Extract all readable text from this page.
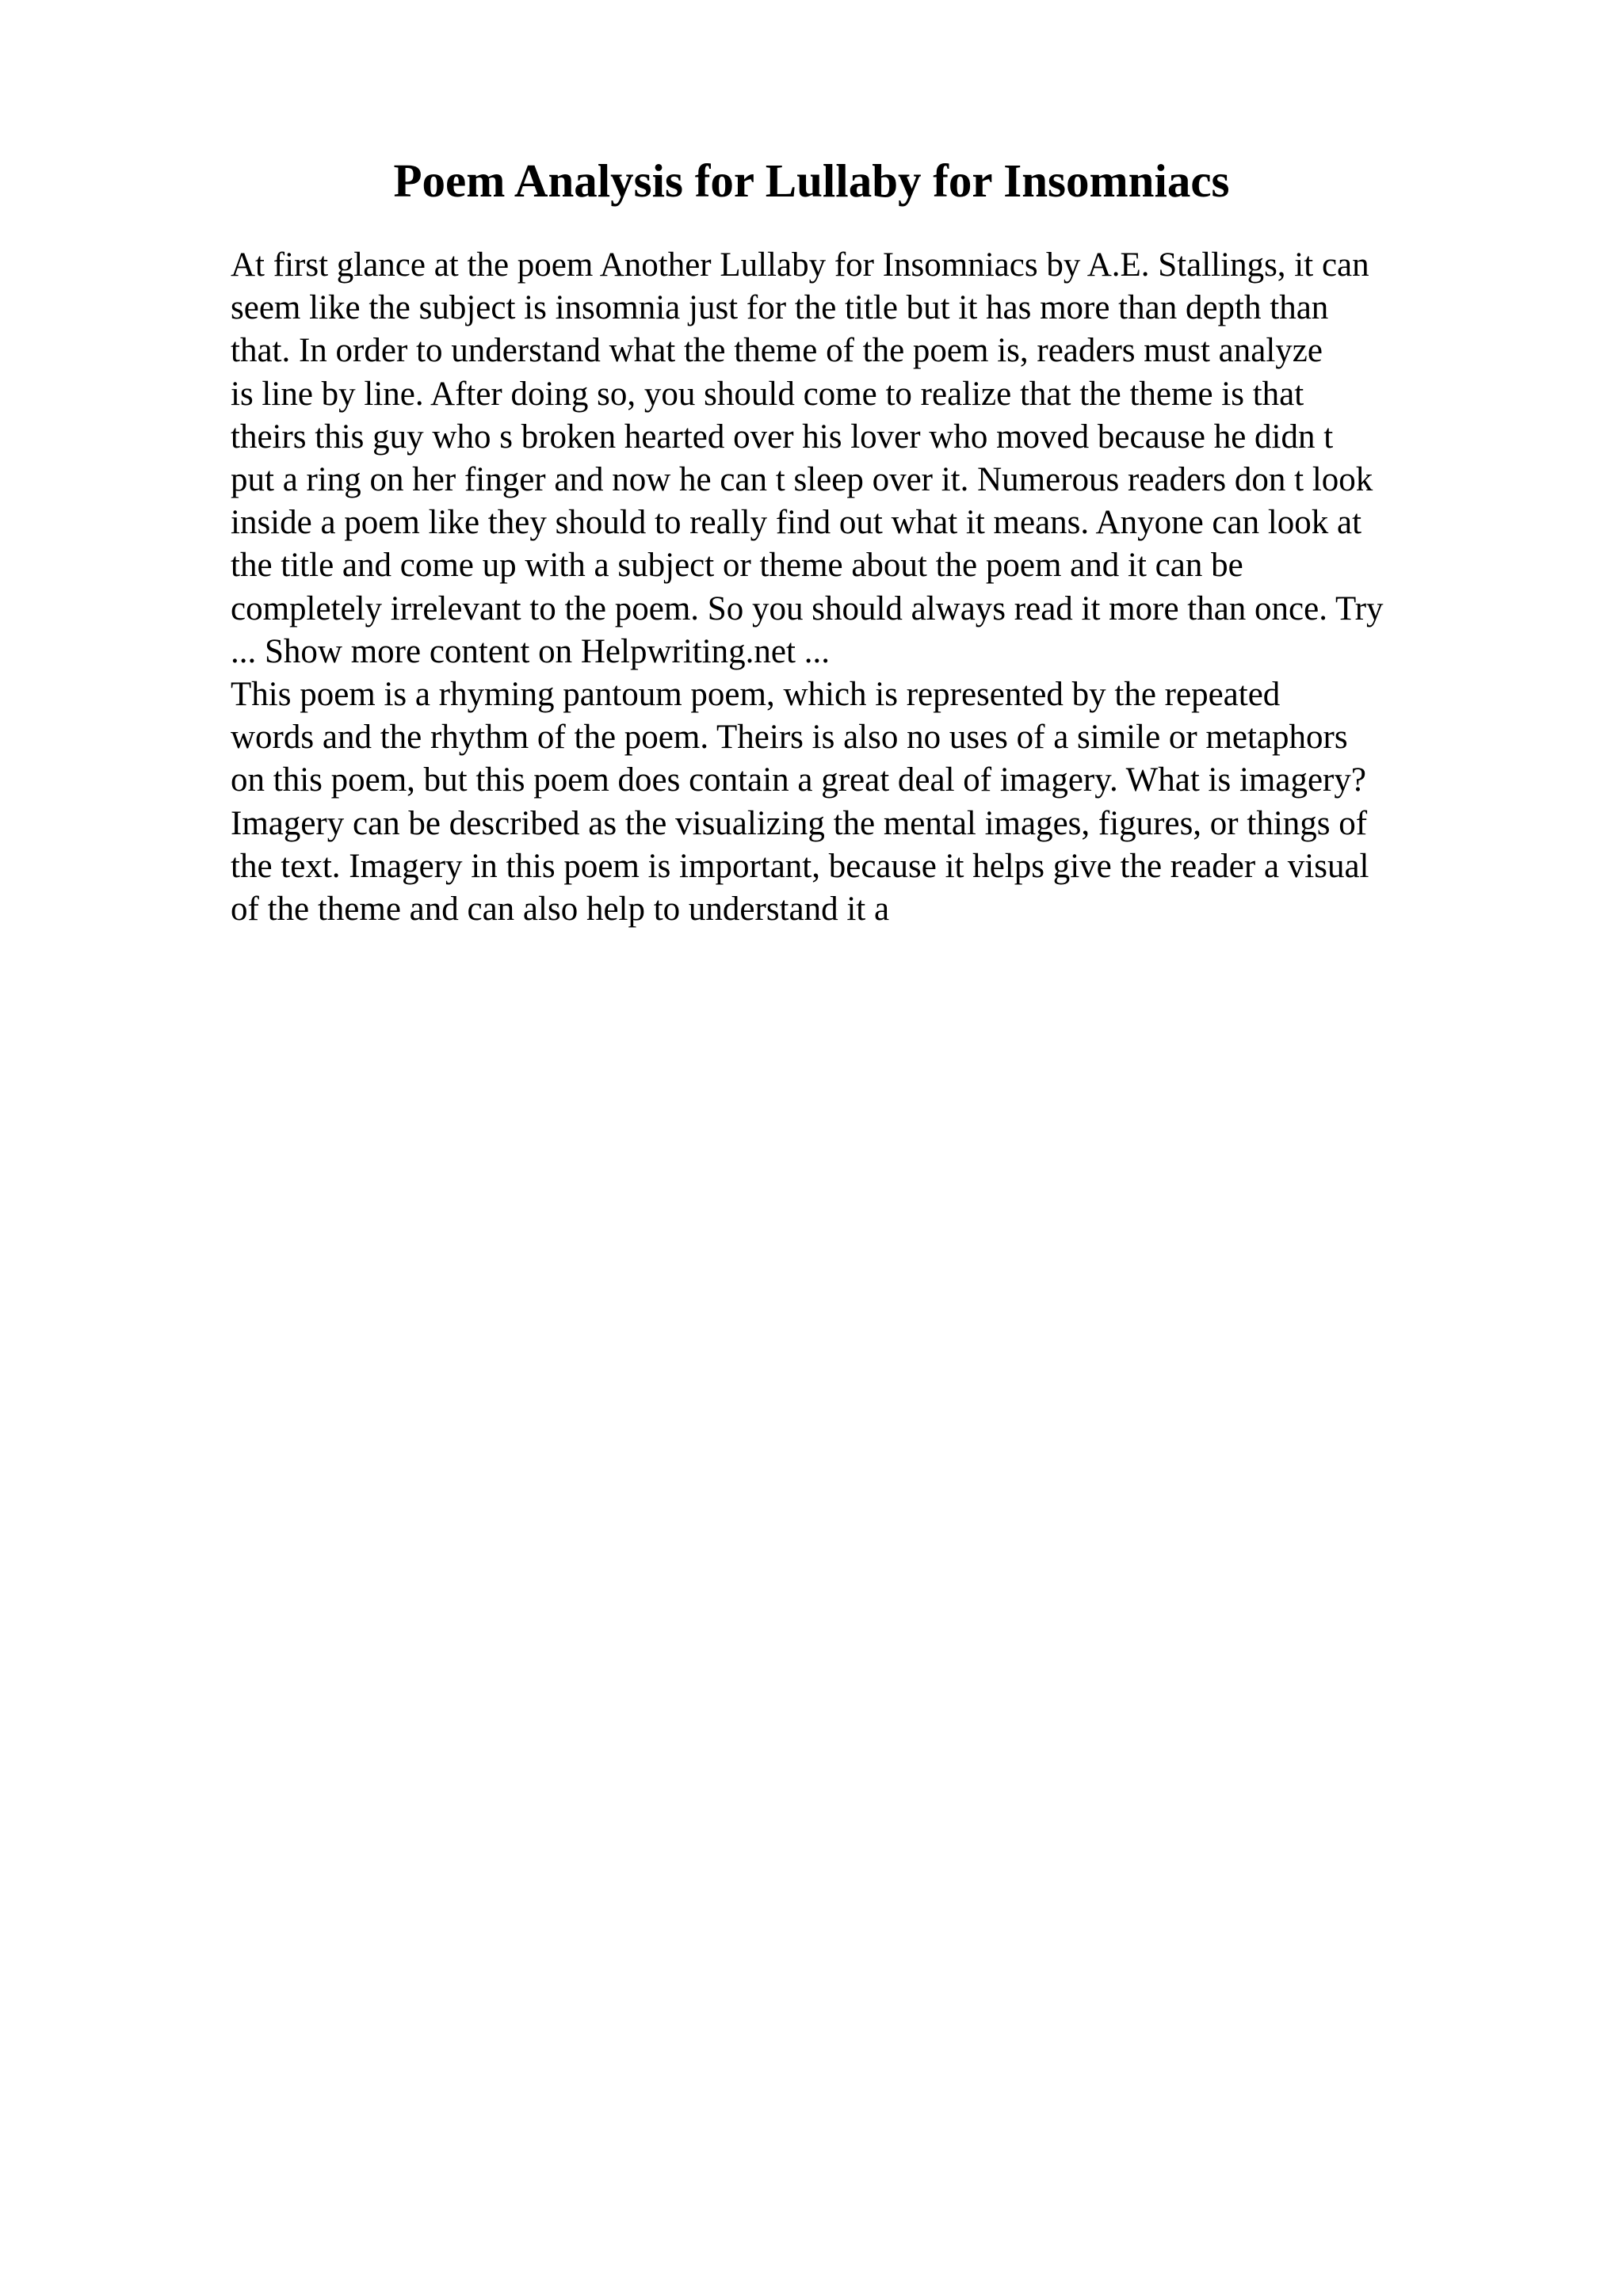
Poem Analysis for Lullaby for Insomniacs
At first glance at the poem Another Lullaby for Insomniacs by A.E. Stallings, it can
seem like the subject is insomnia just for the title but it has more than depth than
that. In order to understand what the theme of the poem is, readers must analyze
is line by line. After doing so, you should come to realize that the theme is that
theirs this guy who s broken hearted over his lover who moved because he didn t
put a ring on her finger and now he can t sleep over it. Numerous readers don t look
inside a poem like they should to really find out what it means. Anyone can look at
the title and come up with a subject or theme about the poem and it can be
completely irrelevant to the poem. So you should always read it more than once. Try
... Show more content on Helpwriting.net ...
This poem is a rhyming pantoum poem, which is represented by the repeated
words and the rhythm of the poem. Theirs is also no uses of a simile or metaphors
on this poem, but this poem does contain a great deal of imagery. What is imagery?
Imagery can be described as the visualizing the mental images, figures, or things of
the text. Imagery in this poem is important, because it helps give the reader a visual
of the theme and can also help to understand it a
